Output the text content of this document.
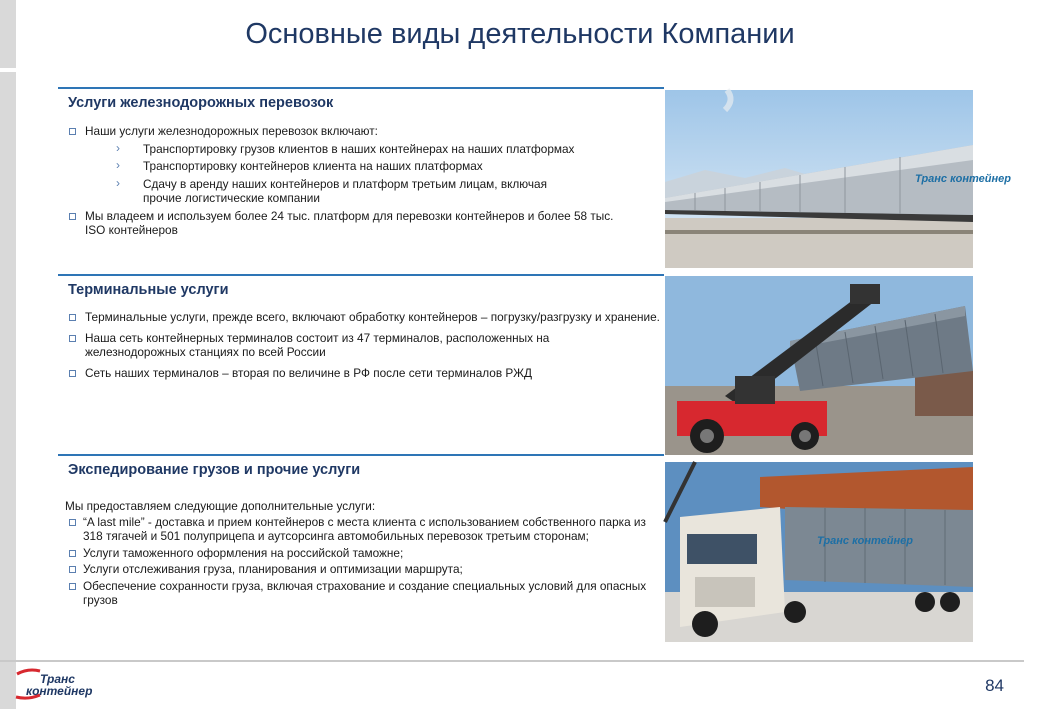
Основные виды деятельности Компании
Услуги железнодорожных перевозок
Наши услуги железнодорожных перевозок включают:
› Транспортировку грузов клиентов в наших контейнерах на наших платформах
› Транспортировку контейнеров клиента на наших платформах
› Сдачу в аренду наших контейнеров и платформ третьим лицам, включая прочие логистические компании
Мы владеем и используем более 24 тыс. платформ для перевозки контейнеров и более 58 тыс. ISO контейнеров
Терминальные услуги
Терминальные услуги, прежде всего, включают обработку контейнеров – погрузку/разгрузку и хранение.
Наша сеть контейнерных терминалов состоит из 47 терминалов, расположенных на железнодорожных станциях по всей России
Сеть наших терминалов – вторая по величине в РФ после сети терминалов РЖД
Экспедирование грузов и прочие услуги
Мы предоставляем следующие дополнительные услуги:
“A last mile” - доставка и прием контейнеров с места клиента с использованием собственного парка из 318 тягачей и 501 полуприцепа и аутсорсинга автомобильных перевозок третьим сторонам;
Услуги таможенного оформления на российской таможне;
Услуги отслеживания груза, планирования и оптимизации маршрута;
Обеспечение сохранности груза, включая страхование и создание специальных условий для опасных грузов
Транс контейнер
Транс контейнер
Транс
контейнер	84
